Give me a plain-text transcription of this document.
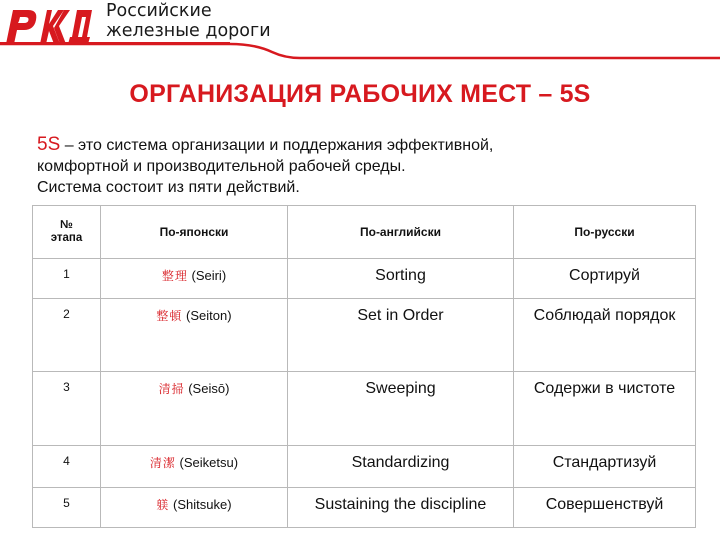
Российские
железные дороги
ОРГАНИЗАЦИЯ РАБОЧИХ МЕСТ – 5S
5S – это система организации и поддержания эффективной,
комфортной и производительной рабочей среды.
Система состоит из пяти действий.
№
этапа	По-японски	По-английски	По-русски
1	整理 (Seiri)	Sorting	Сортируй
2	整頓 (Seiton)	Set in Order	Соблюдай порядок
3	清掃 (Seisō)	Sweeping	Содержи в чистоте
4	清潔 (Seiketsu)	Standardizing	Стандартизуй
5	躾 (Shitsuke)	Sustaining the discipline	Совершенствуй
